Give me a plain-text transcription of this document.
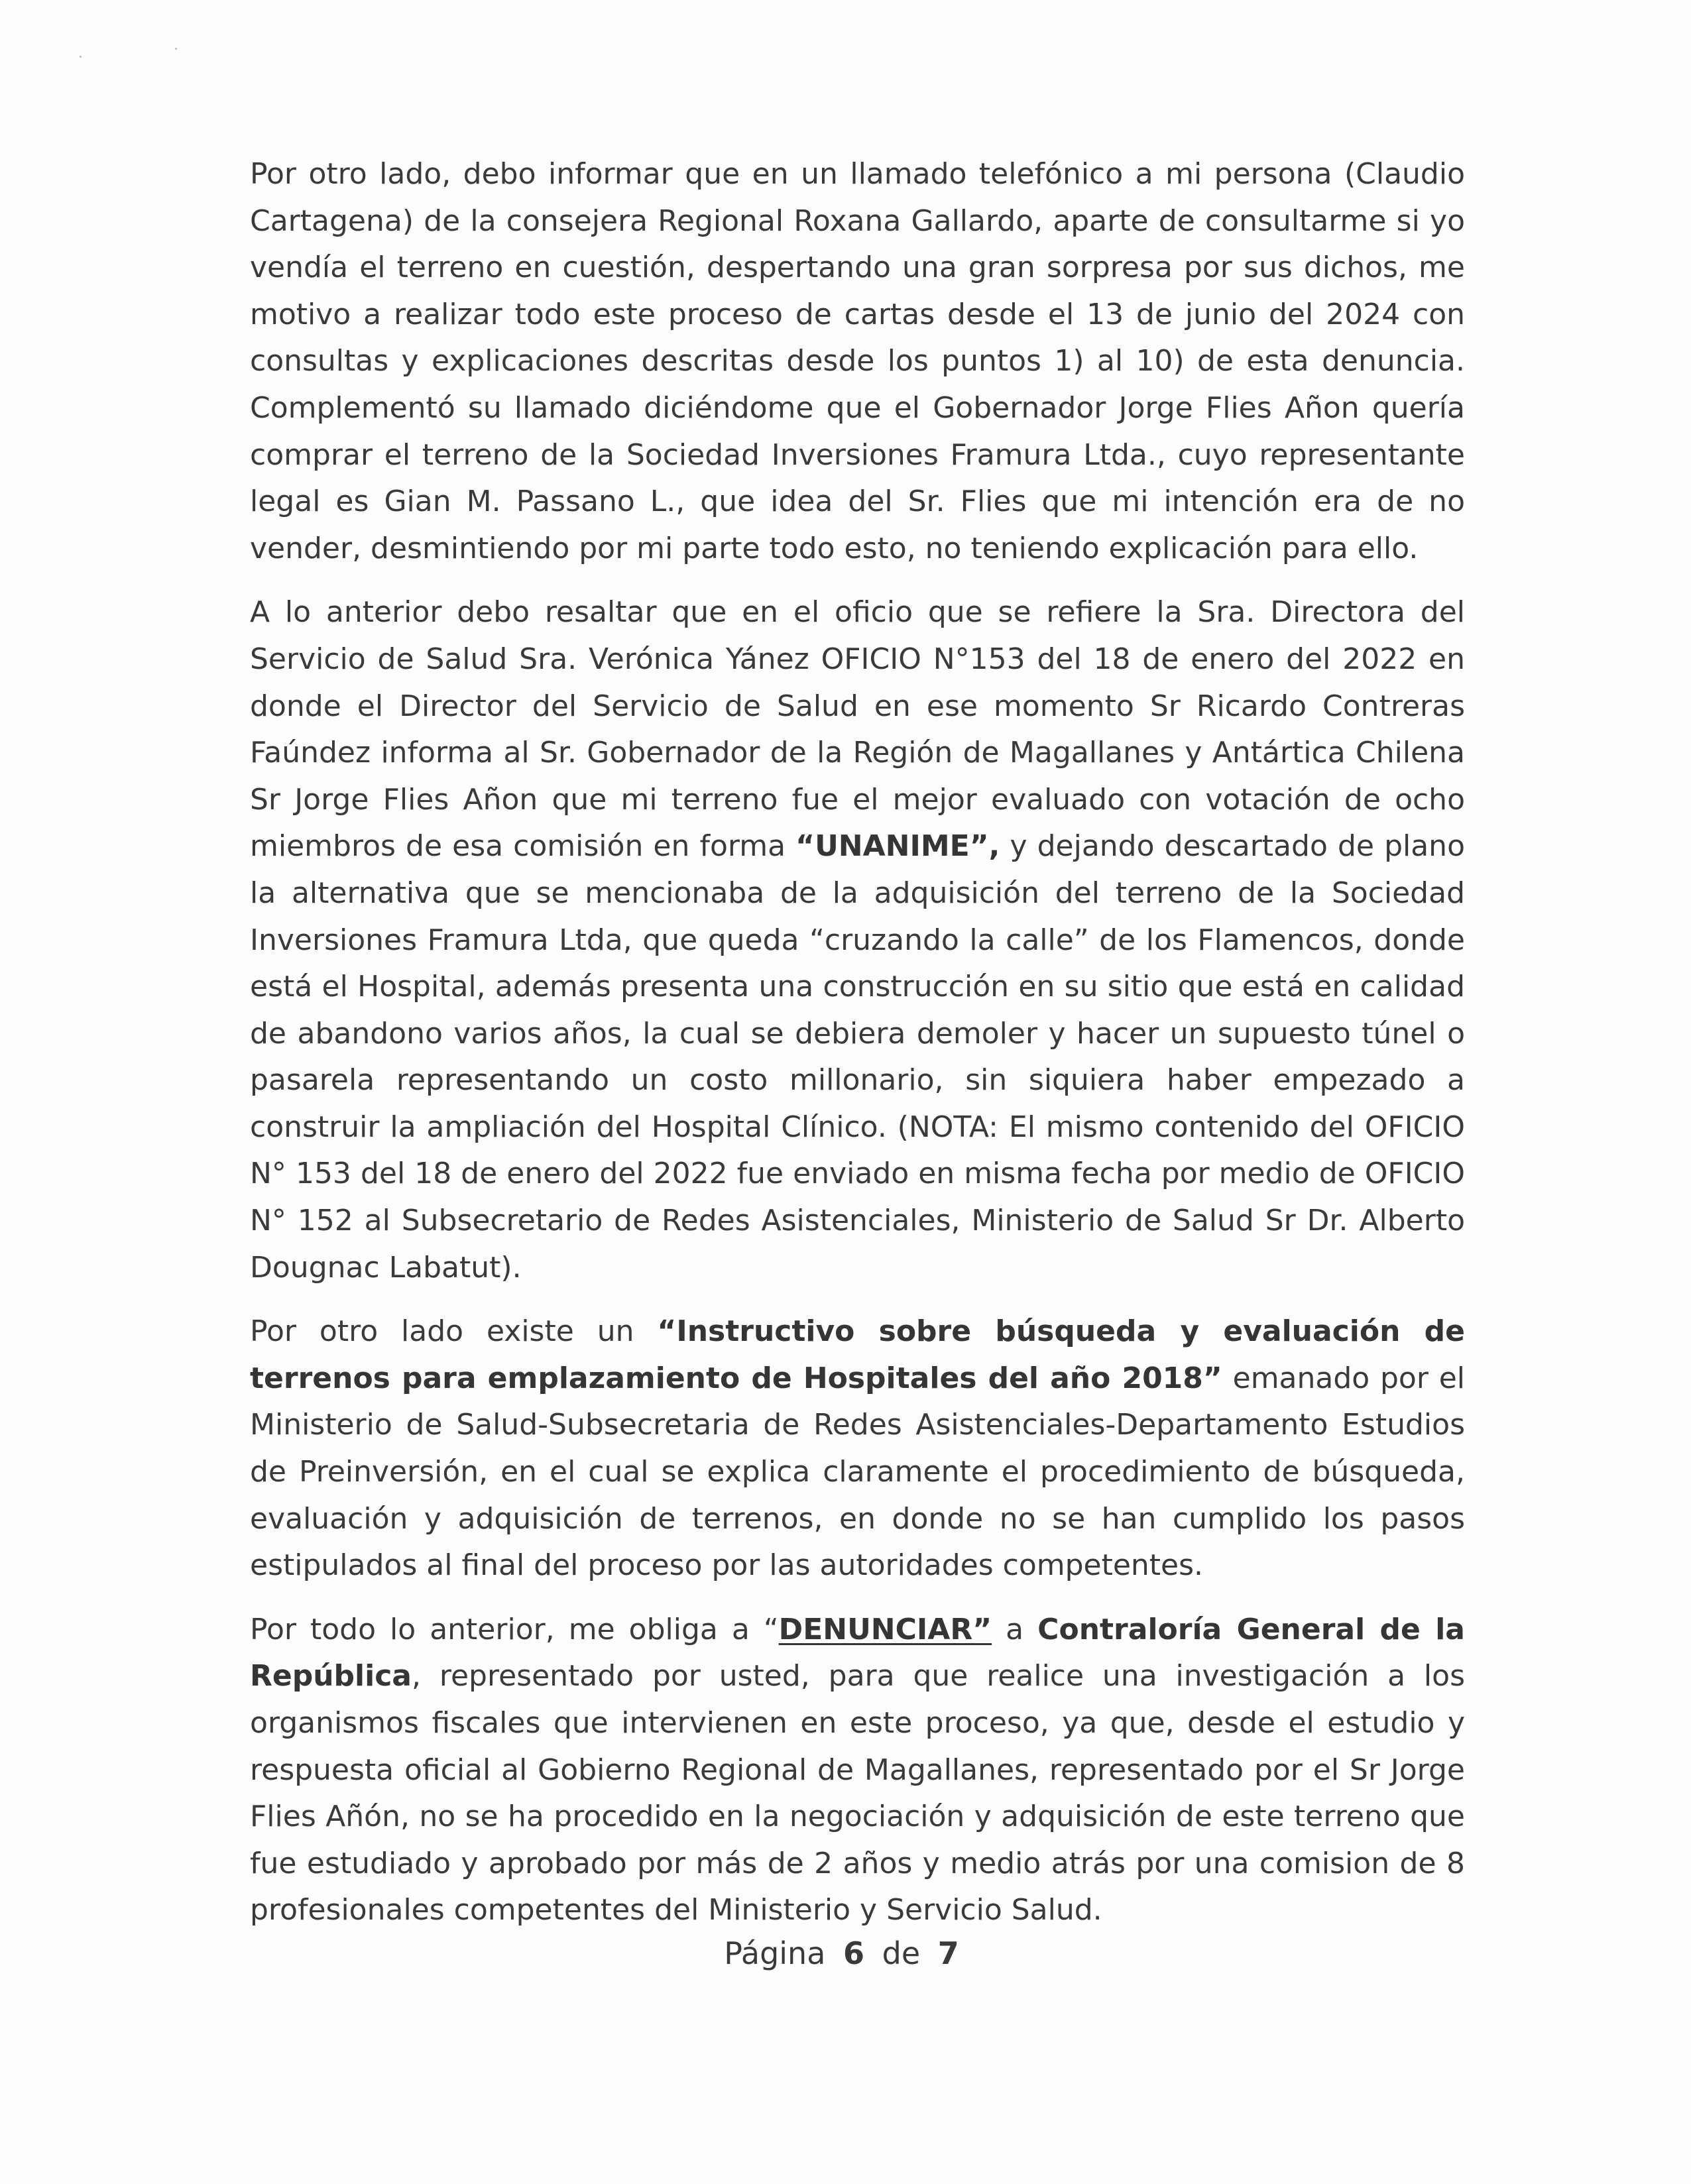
Por otro lado, debo informar que en un llamado telefónico a mi persona (Claudio Cartagena) de la consejera Regional Roxana Gallardo, aparte de consultarme si yo vendía el terreno en cuestión, despertando una gran sorpresa por sus dichos, me motivo a realizar todo este proceso de cartas desde el 13 de junio del 2024 con consultas y explicaciones descritas desde los puntos 1) al 10) de esta denuncia. Complementó su llamado diciéndome que el Gobernador Jorge Flies Añon quería comprar el terreno de la Sociedad Inversiones Framura Ltda., cuyo representante legal es Gian M. Passano L., que idea del Sr. Flies que mi intención era de no vender, desmintiendo por mi parte todo esto, no teniendo explicación para ello.

A lo anterior debo resaltar que en el oficio que se refiere la Sra. Directora del Servicio de Salud Sra. Verónica Yánez OFICIO N°153 del 18 de enero del 2022 en donde el Director del Servicio de Salud en ese momento Sr Ricardo Contreras Faúndez informa al Sr. Gobernador de la Región de Magallanes y Antártica Chilena Sr Jorge Flies Añon que mi terreno fue el mejor evaluado con votación de ocho miembros de esa comisión en forma “UNANIME”, y dejando descartado de plano la alternativa que se mencionaba de la adquisición del terreno de la Sociedad Inversiones Framura Ltda, que queda “cruzando la calle” de los Flamencos, donde está el Hospital, además presenta una construcción en su sitio que está en calidad de abandono varios años, la cual se debiera demoler y hacer un supuesto túnel o pasarela representando un costo millonario, sin siquiera haber empezado a construir la ampliación del Hospital Clínico. (NOTA: El mismo contenido del OFICIO N° 153 del 18 de enero del 2022 fue enviado en misma fecha por medio de OFICIO N° 152 al Subsecretario de Redes Asistenciales, Ministerio de Salud Sr Dr. Alberto Dougnac Labatut).

Por otro lado existe un “Instructivo sobre búsqueda y evaluación de terrenos para emplazamiento de Hospitales del año 2018” emanado por el Ministerio de Salud-Subsecretaria de Redes Asistenciales-Departamento Estudios de Preinversión, en el cual se explica claramente el procedimiento de búsqueda, evaluación y adquisición de terrenos, en donde no se han cumplido los pasos estipulados al final del proceso por las autoridades competentes.

Por todo lo anterior, me obliga a “DENUNCIAR” a Contraloría General de la República, representado por usted, para que realice una investigación a los organismos fiscales que intervienen en este proceso, ya que, desde el estudio y respuesta oficial al Gobierno Regional de Magallanes, representado por el Sr Jorge Flies Añón, no se ha procedido en la negociación y adquisición de este terreno que fue estudiado y aprobado por más de 2 años y medio atrás por una comision de 8 profesionales competentes del Ministerio y Servicio Salud.

Página 6 de 7
